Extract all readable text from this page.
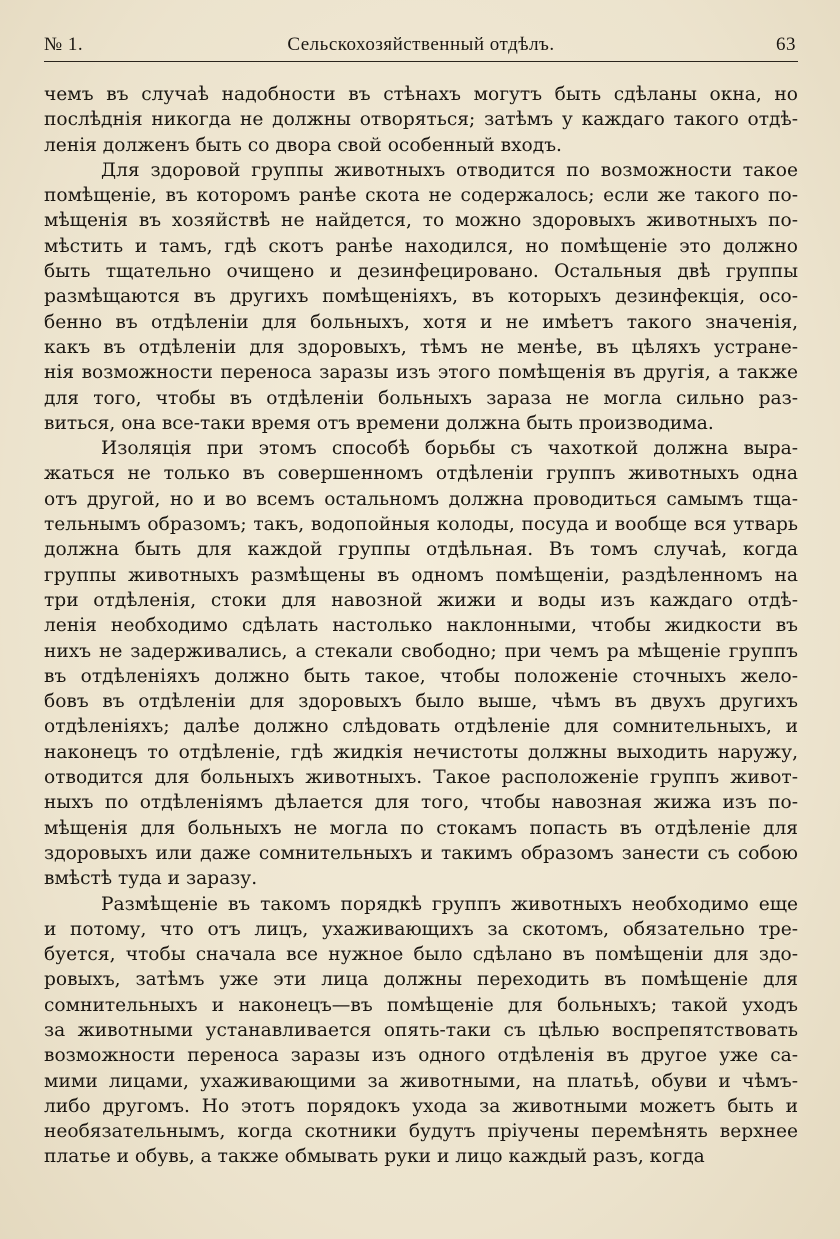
№ 1.	Сельскохозяйственный отдѣлъ.	63
чемъ въ случаѣ надобности въ стѣнахъ могутъ быть сдѣланы окна, но
послѣднія никогда не должны отворяться; затѣмъ у каждаго такого отдѣ-
ленія долженъ быть со двора свой особенный входъ.
Для здоровой группы животныхъ отводится по возможности такое
помѣщеніе, въ которомъ ранѣе скота не содержалось; если же такого по-
мѣщенія въ хозяйствѣ не найдется, то можно здоровыхъ животныхъ по-
мѣстить и тамъ, гдѣ скотъ ранѣе находился, но помѣщеніе это должно
быть тщательно очищено и дезинфецировано. Остальныя двѣ группы
размѣщаются въ другихъ помѣщеніяхъ, въ которыхъ дезинфекція, осо-
бенно въ отдѣленіи для больныхъ, хотя и не имѣетъ такого значенія,
какъ въ отдѣленіи для здоровыхъ, тѣмъ не менѣе, въ цѣляхъ устране-
нія возможности переноса заразы изъ этого помѣщенія въ другія, а также
для того, чтобы въ отдѣленіи больныхъ зараза не могла сильно раз-
виться, она все-таки время отъ времени должна быть производима.
Изоляція при этомъ способѣ борьбы съ чахоткой должна выра-
жаться не только въ совершенномъ отдѣленіи группъ животныхъ одна
отъ другой, но и во всемъ остальномъ должна проводиться самымъ тща-
тельнымъ образомъ; такъ, водопойныя колоды, посуда и вообще вся утварь
должна быть для каждой группы отдѣльная. Въ томъ случаѣ, когда
группы животныхъ размѣщены въ одномъ помѣщеніи, раздѣленномъ на
три отдѣленія, стоки для навозной жижи и воды изъ каждаго отдѣ-
ленія необходимо сдѣлать настолько наклонными, чтобы жидкости въ
нихъ не задерживались, а стекали свободно; при чемъ ра мѣщеніе группъ
въ отдѣленіяхъ должно быть такое, чтобы положеніе сточныхъ жело-
бовъ въ отдѣленіи для здоровыхъ было выше, чѣмъ въ двухъ другихъ
отдѣленіяхъ; далѣе должно слѣдовать отдѣленіе для сомнительныхъ, и
наконецъ то отдѣленіе, гдѣ жидкія нечистоты должны выходить наружу,
отводится для больныхъ животныхъ. Такое расположеніе группъ живот-
ныхъ по отдѣленіямъ дѣлается для того, чтобы навозная жижа изъ по-
мѣщенія для больныхъ не могла по стокамъ попасть въ отдѣленіе для
здоровыхъ или даже сомнительныхъ и такимъ образомъ занести съ собою
вмѣстѣ туда и заразу.
Размѣщеніе въ такомъ порядкѣ группъ животныхъ необходимо еще
и потому, что отъ лицъ, ухаживающихъ за скотомъ, обязательно тре-
буется, чтобы сначала все нужное было сдѣлано въ помѣщеніи для здо-
ровыхъ, затѣмъ уже эти лица должны переходить въ помѣщеніе для
сомнительныхъ и наконецъ—въ помѣщеніе для больныхъ; такой уходъ
за животными устанавливается опять-таки съ цѣлью воспрепятствовать
возможности переноса заразы изъ одного отдѣленія въ другое уже са-
мими лицами, ухаживающими за животными, на платьѣ, обуви и чѣмъ-
либо другомъ. Но этотъ порядокъ ухода за животными можетъ быть и
необязательнымъ, когда скотники будутъ пріучены перемѣнять верхнее
платье и обувь, а также обмывать руки и лицо каждый разъ, когда
